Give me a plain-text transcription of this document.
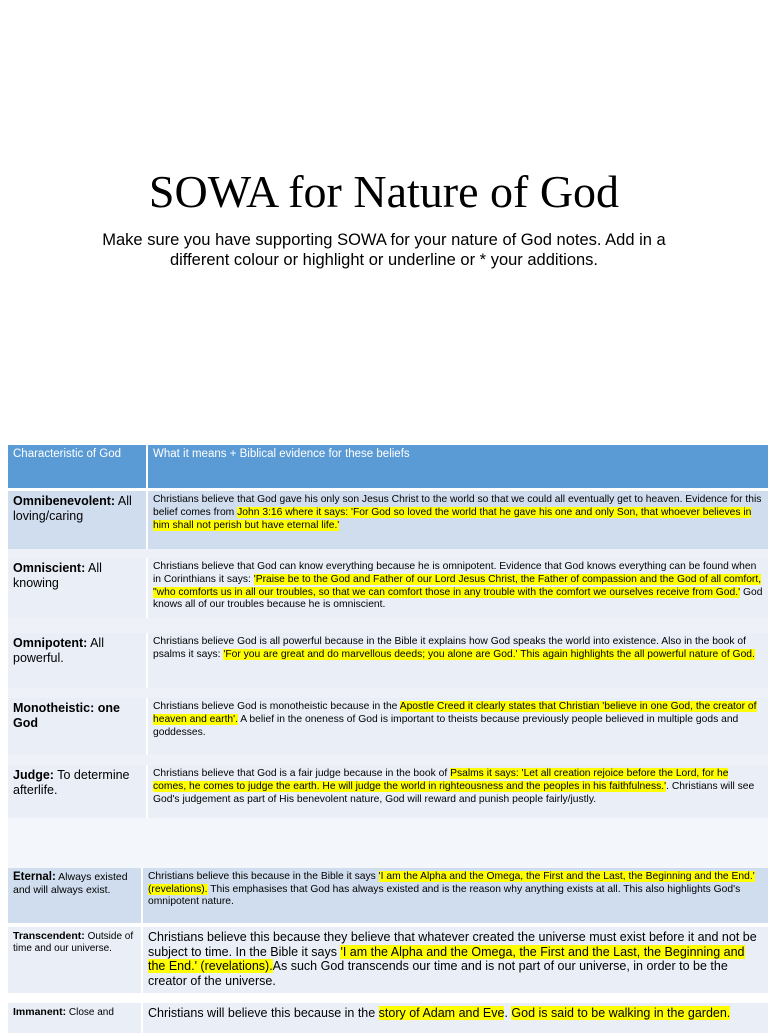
SOWA for Nature of God
Make sure you have supporting SOWA for your nature of God notes. Add in a different colour or highlight or underline or * your additions.
Characteristic of God	What it means + Biblical evidence for these beliefs
Omnibenevolent: All loving/caring
Christians believe that God gave his only son Jesus Christ to the world so that we could all eventually get to heaven. Evidence for this belief comes from John 3:16 where it says: 'For God so loved the world that he gave his one and only Son, that whoever believes in him shall not perish but have eternal life.'
Omniscient: All knowing
Christians believe that God can know everything because he is omnipotent. Evidence that God knows everything can be found when in Corinthians it says: 'Praise be to the God and Father of our Lord Jesus Christ, the Father of compassion and the God of all comfort, "who comforts us in all our troubles, so that we can comfort those in any trouble with the comfort we ourselves receive from God.' God knows all of our troubles because he is omniscient.
Omnipotent: All powerful.
Christians believe God is all powerful because in the Bible it explains how God speaks the world into existence. Also in the book of psalms it says: 'For you are great and do marvellous deeds; you alone are God.' This again highlights the all powerful nature of God.
Monotheistic: one God
Christians believe God is monotheistic because in the Apostle Creed it clearly states that Christian 'believe in one God, the creator of heaven and earth'. A belief in the oneness of God is important to theists because previously people believed in multiple gods and goddesses.
Judge: To determine afterlife.
Christians believe that God is a fair judge because in the book of Psalms it says: 'Let all creation rejoice before the Lord, for he comes, he comes to judge the earth. He will judge the world in righteousness and the peoples in his faithfulness.'. Christians will see God's judgement as part of His benevolent nature, God will reward and punish people fairly/justly.
Eternal: Always existed and will always exist.
Christians believe this because in the Bible it says 'I am the Alpha and the Omega, the First and the Last, the Beginning and the End.' (revelations). This emphasises that God has always existed and is the reason why anything exists at all. This also highlights God's omnipotent nature.
Transcendent: Outside of time and our universe.
Christians believe this because they believe that whatever created the universe must exist before it and not be subject to time. In the Bible it says 'I am the Alpha and the Omega, the First and the Last, the Beginning and the End.' (revelations).As such God transcends our time and is not part of our universe, in order to be the creator of the universe.
Immanent: Close and	Christians will believe this because in the story of Adam and Eve. God is said to be walking in the garden.
